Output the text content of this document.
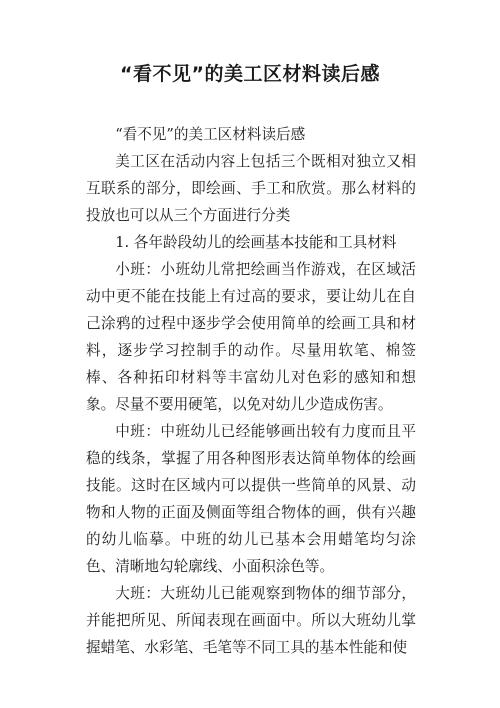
“看不见”的美工区材料读后感

“看不见”的美工区材料读后感

美工区在活动内容上包括三个既相对独立又相互联系的部分，即绘画、手工和欣赏。那么材料的投放也可以从三个方面进行分类

1. 各年龄段幼儿的绘画基本技能和工具材料

小班：小班幼儿常把绘画当作游戏，在区域活动中更不能在技能上有过高的要求，要让幼儿在自己涂鸦的过程中逐步学会使用简单的绘画工具和材料，逐步学习控制手的动作。尽量用软笔、棉签棒、各种拓印材料等丰富幼儿对色彩的感知和想象。尽量不要用硬笔，以免对幼儿少造成伤害。

中班：中班幼儿已经能够画出较有力度而且平稳的线条，掌握了用各种图形表达简单物体的绘画技能。这时在区域内可以提供一些简单的风景、动物和人物的正面及侧面等组合物体的画，供有兴趣的幼儿临摹。中班的幼儿已基本会用蜡笔均匀涂色、清晰地勾轮廓线、小面积涂色等。

大班：大班幼儿已能观察到物体的细节部分，并能把所见、所闻表现在画面中。所以大班幼儿掌握蜡笔、水彩笔、毛笔等不同工具的基本性能和使
